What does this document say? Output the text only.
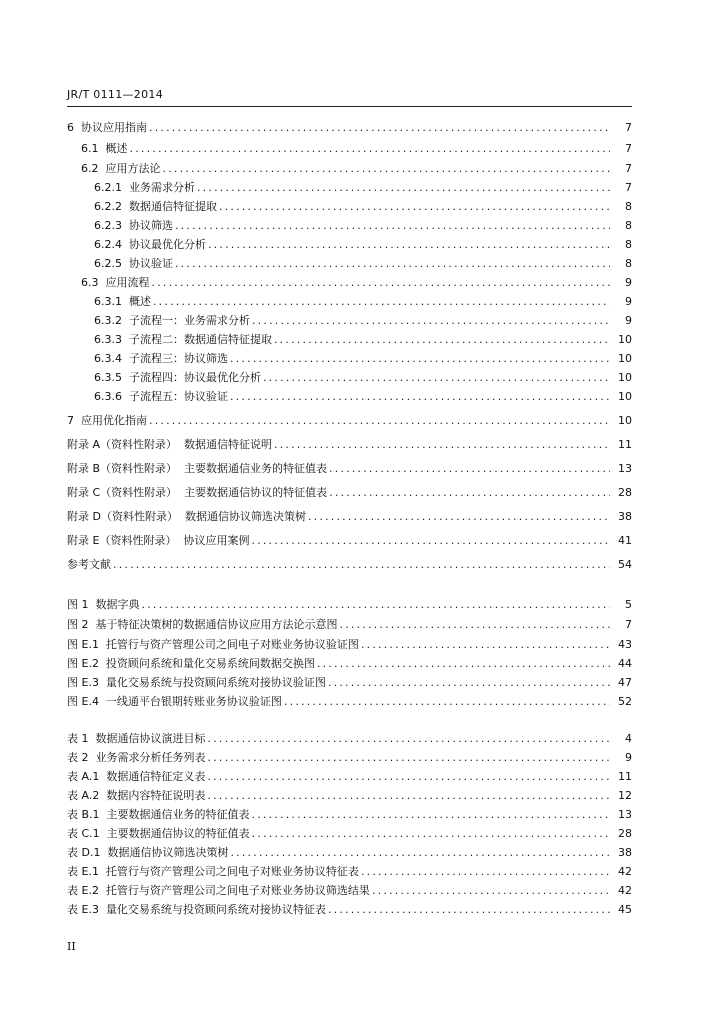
JR/T 0111—2014
6  协议应用指南 .....	7
6.1  概述 .....	7
6.2  应用方法论 .....	7
6.2.1  业务需求分析 .....	7
6.2.2  数据通信特征提取 .....	8
6.2.3  协议筛选 .....	8
6.2.4  协议最优化分析 .....	8
6.2.5  协议验证 .....	8
6.3  应用流程 .....	9
6.3.1  概述 .....	9
6.3.2  子流程一：业务需求分析 .....	9
6.3.3  子流程二：数据通信特征提取 .....	10
6.3.4  子流程三：协议筛选 .....	10
6.3.5  子流程四：协议最优化分析 .....	10
6.3.6  子流程五：协议验证 .....	10
7  应用优化指南 .....	10
附录 A（资料性附录）  数据通信特征说明 .....	11
附录 B（资料性附录）  主要数据通信业务的特征值表 .....	13
附录 C（资料性附录）  主要数据通信协议的特征值表 .....	28
附录 D（资料性附录）  数据通信协议筛选决策树 .....	38
附录 E（资料性附录）  协议应用案例 .....	41
参考文献 .....	54
图 1  数据字典 .....	5
图 2  基于特征决策树的数据通信协议应用方法论示意图 .....	7
图 E.1  托管行与资产管理公司之间电子对账业务协议验证图 .....	43
图 E.2  投资顾问系统和量化交易系统间数据交换图 .....	44
图 E.3  量化交易系统与投资顾问系统对接协议验证图 .....	47
图 E.4  一线通平台银期转账业务协议验证图 .....	52
表 1  数据通信协议演进目标 .....	4
表 2  业务需求分析任务列表 .....	9
表 A.1  数据通信特征定义表 .....	11
表 A.2  数据内容特征说明表 .....	12
表 B.1  主要数据通信业务的特征值表 .....	13
表 C.1  主要数据通信协议的特征值表 .....	28
表 D.1  数据通信协议筛选决策树 .....	38
表 E.1  托管行与资产管理公司之间电子对账业务协议特征表 .....	42
表 E.2  托管行与资产管理公司之间电子对账业务协议筛选结果 .....	42
表 E.3  量化交易系统与投资顾问系统对接协议特征表 .....	45
II
